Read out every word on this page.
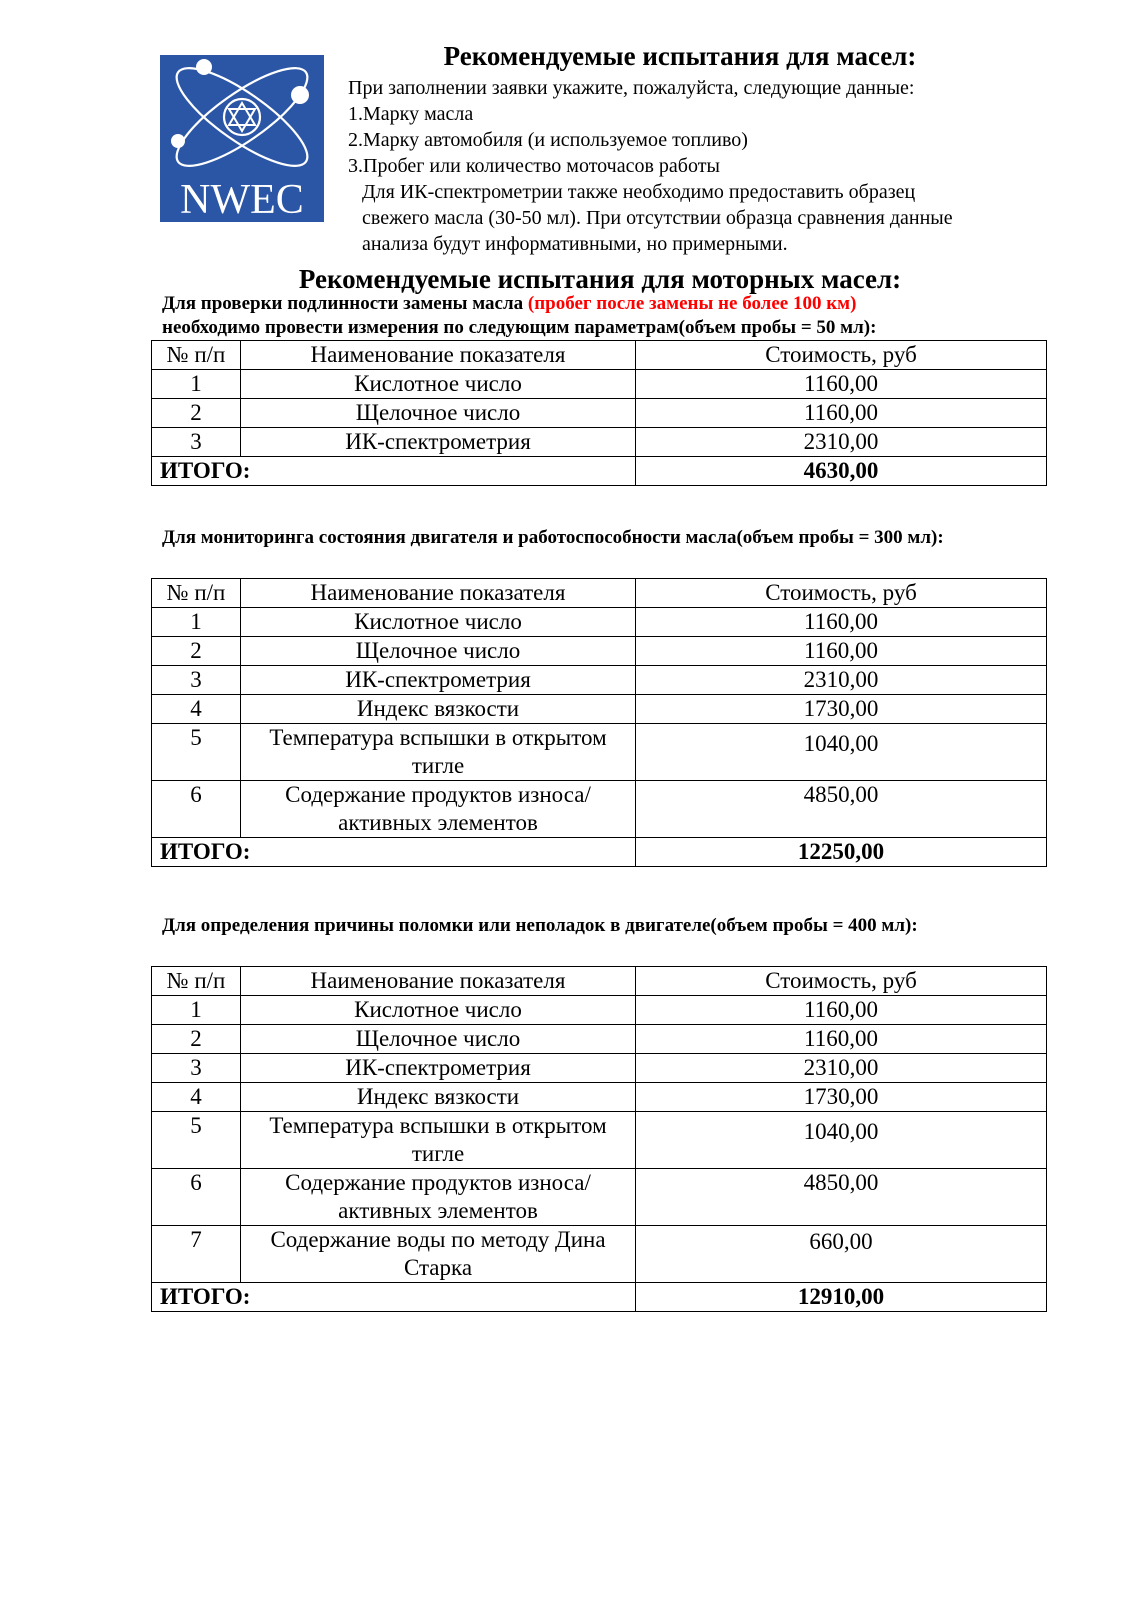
NWEC
Рекомендуемые испытания для масел:
При заполнении заявки укажите, пожалуйста, следующие данные:
1.Марку масла
2.Марку автомобиля (и используемое топливо)
3.Пробег или количество моточасов работы
Для ИК-спектрометрии также необходимо предоставить образец
свежего масла (30-50 мл). При отсутствии образца сравнения данные
анализа будут информативными, но примерными.
Рекомендуемые испытания для моторных масел:
Для проверки подлинности замены масла (пробег после замены не более 100 км)
необходимо провести измерения по следующим параметрам(объем пробы = 50 мл):
№ п/п	Наименование показателя	Стоимость, руб
1	Кислотное число	1160,00
2	Щелочное число	1160,00
3	ИК-спектрометрия	2310,00
ИТОГО:		4630,00
Для мониторинга состояния двигателя и работоспособности масла(объем пробы = 300 мл):
№ п/п	Наименование показателя	Стоимость, руб
1	Кислотное число	1160,00
2	Щелочное число	1160,00
3	ИК-спектрометрия	2310,00
4	Индекс вязкости	1730,00
5	Температура вспышки в открытом тигле	1040,00
6	Содержание продуктов износа/активных элементов	4850,00
ИТОГО:		12250,00
Для определения причины поломки или неполадок в двигателе(объем пробы = 400 мл):
№ п/п	Наименование показателя	Стоимость, руб
1	Кислотное число	1160,00
2	Щелочное число	1160,00
3	ИК-спектрометрия	2310,00
4	Индекс вязкости	1730,00
5	Температура вспышки в открытом тигле	1040,00
6	Содержание продуктов износа/активных элементов	4850,00
7	Содержание воды по методу Дина Старка	660,00
ИТОГО:		12910,00
